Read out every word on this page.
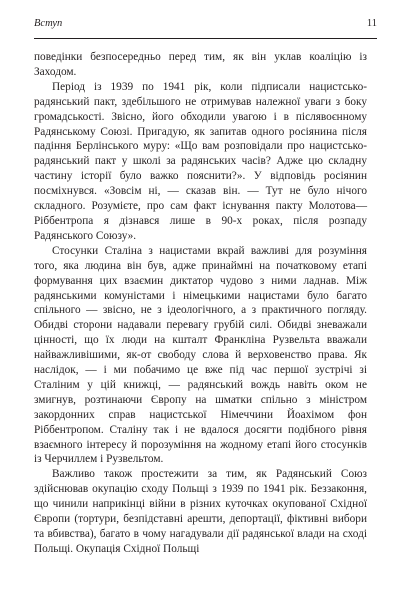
Вступ	11

поведінки безпосередньо перед тим, як він уклав коаліцію із Заходом.

Період із 1939 по 1941 рік, коли підписали нацистсько-радянський пакт, здебільшого не отримував належної уваги з боку громадськості. Звісно, його обходили увагою і в післявоєнному Радянському Союзі. Пригадую, як запитав одного росіянина після падіння Берлінського муру: «Що вам розповідали про нацистсько-радянський пакт у школі за радянських часів? Адже цю складну частину історії було важко пояснити?». У відповідь росіянин посміхнувся. «Зовсім ні, — сказав він. — Тут не було нічого складного. Розумієте, про сам факт існування пакту Молотова—Ріббентропа я дізнався лише в 90-х роках, після розпаду Радянського Союзу».

Стосунки Сталіна з нацистами вкрай важливі для розуміння того, яка людина він був, адже принаймні на початковому етапі формування цих взаємин диктатор чудово з ними ладнав. Між радянськими комуністами і німецькими нацистами було багато спільного — звісно, не з ідеологічного, а з практичного погляду. Обидві сторони надавали перевагу грубій силі. Обидві зневажали цінності, що їх люди на кшталт Франкліна Рузвельта вважали найважливішими, як-от свободу слова й верховенство права. Як наслідок, — і ми побачимо це вже під час першої зустрічі зі Сталіним у цій книжці, — радянський вождь навіть оком не змигнув, розтинаючи Європу на шматки спільно з міністром закордонних справ нацистської Німеччини Йоахімом фон Ріббентропом. Сталіну так і не вдалося досягти подібного рівня взаємного інтересу й порозуміння на жодному етапі його стосунків із Черчиллем і Рузвельтом.

Важливо також простежити за тим, як Радянський Союз здійснював окупацію сходу Польщі з 1939 по 1941 рік. Беззаконня, що чинили наприкінці війни в різних куточках окупованої Східної Європи (тортури, безпідставні арешти, депортації, фіктивні вибори та вбивства), багато в чому нагадували дії радянської влади на сході Польщі. Окупація Східної Польщі
